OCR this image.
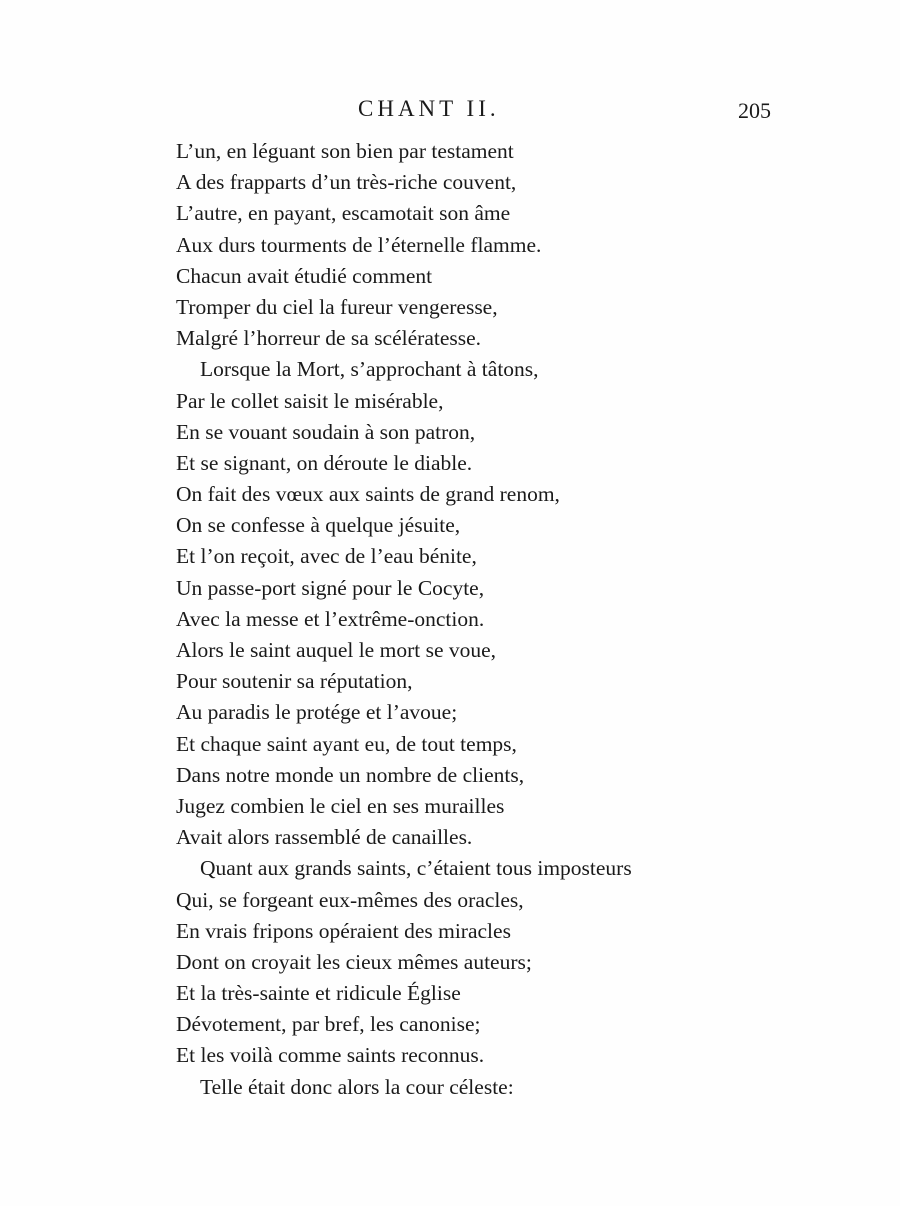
CHANT II.	205
L’un, en léguant son bien par testament
A des frapparts d’un très-riche couvent,
L’autre, en payant, escamotait son âme
Aux durs tourments de l’éternelle flamme.
Chacun avait étudié comment
Tromper du ciel la fureur vengeresse,
Malgré l’horreur de sa scélératesse.
Lorsque la Mort, s’approchant à tâtons,
Par le collet saisit le misérable,
En se vouant soudain à son patron,
Et se signant, on déroute le diable.
On fait des vœux aux saints de grand renom,
On se confesse à quelque jésuite,
Et l’on reçoit, avec de l’eau bénite,
Un passe-port signé pour le Cocyte,
Avec la messe et l’extrême-onction.
Alors le saint auquel le mort se voue,
Pour soutenir sa réputation,
Au paradis le protége et l’avoue;
Et chaque saint ayant eu, de tout temps,
Dans notre monde un nombre de clients,
Jugez combien le ciel en ses murailles
Avait alors rassemblé de canailles.
Quant aux grands saints, c’étaient tous imposteurs
Qui, se forgeant eux-mêmes des oracles,
En vrais fripons opéraient des miracles
Dont on croyait les cieux mêmes auteurs;
Et la très-sainte et ridicule Église
Dévotement, par bref, les canonise;
Et les voilà comme saints reconnus.
Telle était donc alors la cour céleste:
